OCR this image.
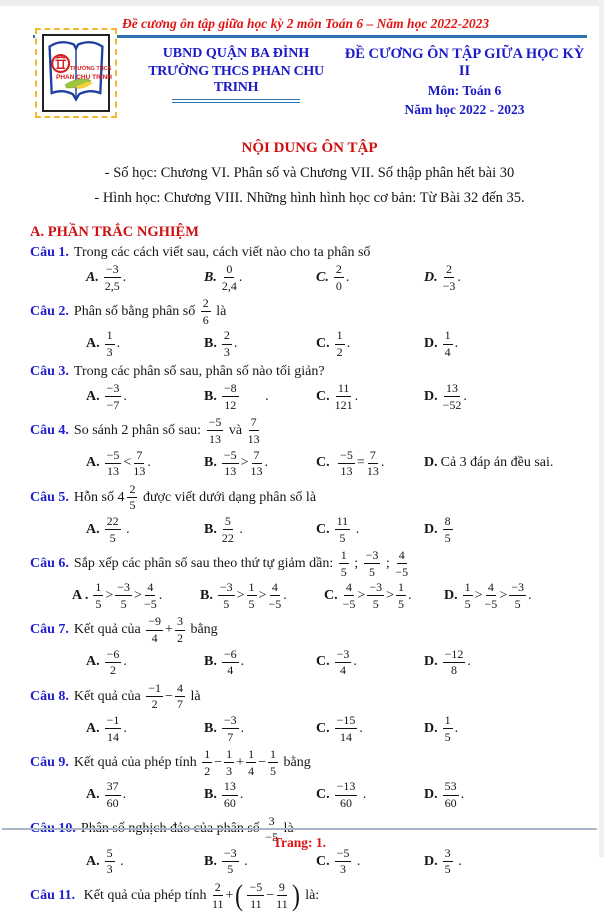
Đề cương ôn tập giữa học kỳ 2 môn Toán 6 – Năm học 2022-2023
TRƯỜNG THCS
PHAN CHU TRINH
UBND QUẬN BA ĐÌNH
TRƯỜNG THCS PHAN CHU TRINH
ĐỀ CƯƠNG ÔN TẬP GIỮA HỌC KỲ II
Môn: Toán 6
Năm học 2022 - 2023
NỘI DUNG ÔN TẬP
- Số học: Chương VI. Phân số và Chương VII. Số thập phân hết bài 30
- Hình học: Chương VIII. Những hình hình học cơ bản: Từ Bài 32 đến 35.
A. PHẦN TRẮC NGHIỆM

Câu 1. Trong các cách viết sau, cách viết nào cho ta phân số

A. $\frac{-3}{2,5}$ .	B. $\frac{0}{2,4}$ .	C. $\frac{2}{0}$ .	D. $\frac{2}{-3}$ .

Câu 2. Phân số bằng phân số $\frac{2}{6}$ là

A. $\frac{1}{3}$ .	B. $\frac{2}{3}$ .	C. $\frac{1}{2}$ .	D. $\frac{1}{4}$ .

Câu 3. Trong các phân số sau, phân số nào tối giản?

A. $\frac{-3}{-7}$ .	B. $\frac{-8}{12}$ .	C. $\frac{11}{121}$ .	D. $\frac{13}{-52}$ .

Câu 4. So sánh 2 phân số sau: $\frac{-5}{13}$ và $\frac{7}{13}$

A. $\frac{-5}{13} < \frac{7}{13}$ .	B. $\frac{-5}{13} > \frac{7}{13}$ .	C. $\frac{-5}{13} = \frac{7}{13}$ .	D. Cả 3 đáp án đều sai.

Câu 5. Hỗn số $4 \frac{2}{5}$ được viết dưới dạng phân số là

A. $\frac{22}{5}$ .	B. $\frac{5}{22}$ .	C. $\frac{11}{5}$ .	D. $\frac{8}{5}$

Câu 6. Sắp xếp các phân số sau theo thứ tự giảm dần: $\frac{1}{5}$ ; $\frac{-3}{5}$ ; $\frac{4}{-5}$

A . $\frac{1}{5} > \frac{-3}{5} > \frac{4}{-5}$ .	B. $\frac{-3}{5} > \frac{1}{5} > \frac{4}{-5}$ .	C. $\frac{4}{-5} > \frac{-3}{5} > \frac{1}{5}$ .	D. $\frac{1}{5} > \frac{4}{-5} > \frac{-3}{5}$ .

Câu 7. Kết quả của $\frac{-9}{4} + \frac{3}{2}$ bằng

A. $\frac{-6}{2}$ .	B. $\frac{-6}{4}$ .	C. $\frac{-3}{4}$ .	D. $\frac{-12}{8}$ .

Câu 8. Kết quả của $\frac{-1}{2} - \frac{4}{7}$ là

A. $\frac{-1}{14}$ .	B. $\frac{-3}{7}$ .	C. $\frac{-15}{14}$ .	D. $\frac{1}{5}$ .

Câu 9. Kết quả của phép tính $\frac{1}{2} - \frac{1}{3} + \frac{1}{4} - \frac{1}{5}$ bằng

A. $\frac{37}{60}$ .	B. $\frac{13}{60}$ .	C. $\frac{-13}{60}$ .	D. $\frac{53}{60}$ .

$\frac{3}{-5}$

A. $\frac{5}{3}$ .	B. $\frac{-3}{5}$ .	C. $\frac{-5}{3}$ .	D. $\frac{3}{5}$ .

Câu 11. Kết quả của phép tính $\frac{2}{11}$ +( $\frac{-5}{11} - \frac{9}{11}$ ) là:

Trang: 1.
